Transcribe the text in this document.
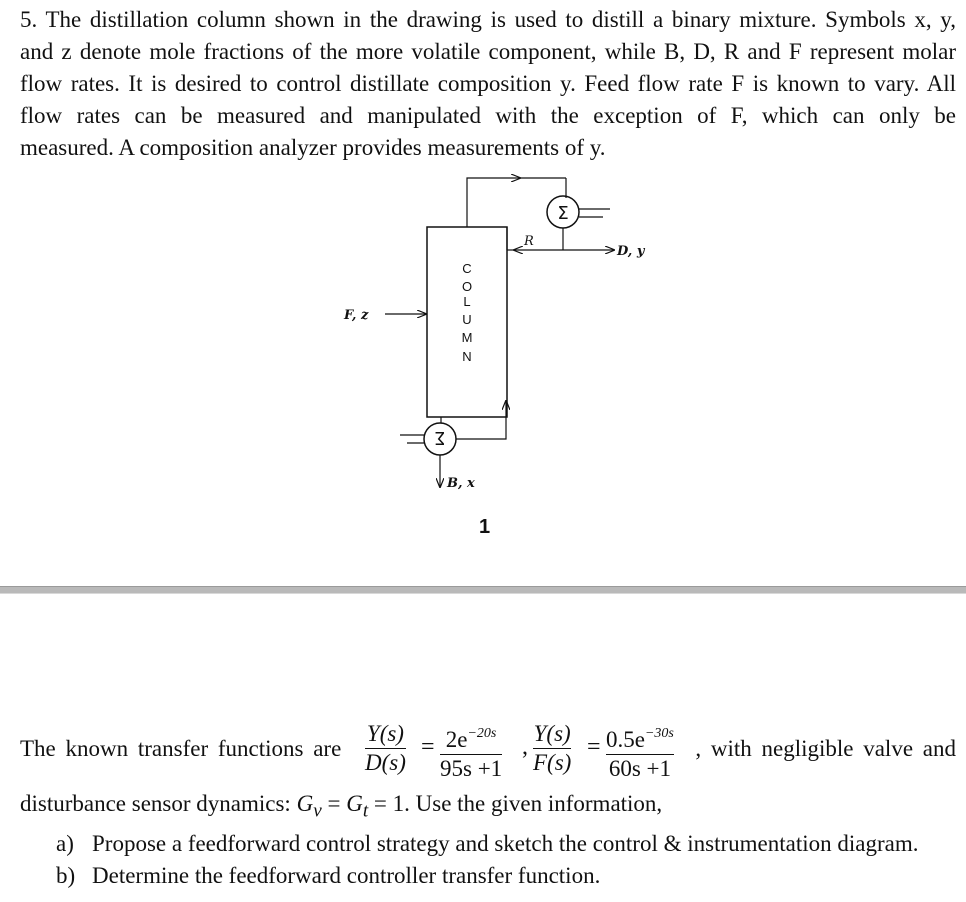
5. The distillation column shown in the drawing is used to distill a binary mixture. Symbols x, y,
and z denote mole fractions of the more volatile component, while B, D, R and F represent molar
flow rates. It is desired to control distillate composition y. Feed flow rate F is known to vary. All
flow rates can be measured and manipulated with the exception of F, which can only be
measured. A composition analyzer provides measurements of y.
C
O
L
U
M
N
F, z
Σ
D, y
R
Σ
B, x
1
The known transfer functions are $\frac{Y(s)}{D(s)} = \frac{2e^{-20s}}{95s +1}$ , $\frac{Y(s)}{F(s)} = \frac{0.5e^{-30s}}{60s +1}$ , with negligible valve and
disturbance sensor dynamics: $G_v = G_t = 1$. Use the given information,
a) Propose a feedforward control strategy and sketch the control & instrumentation diagram.
b) Determine the feedforward controller transfer function.
